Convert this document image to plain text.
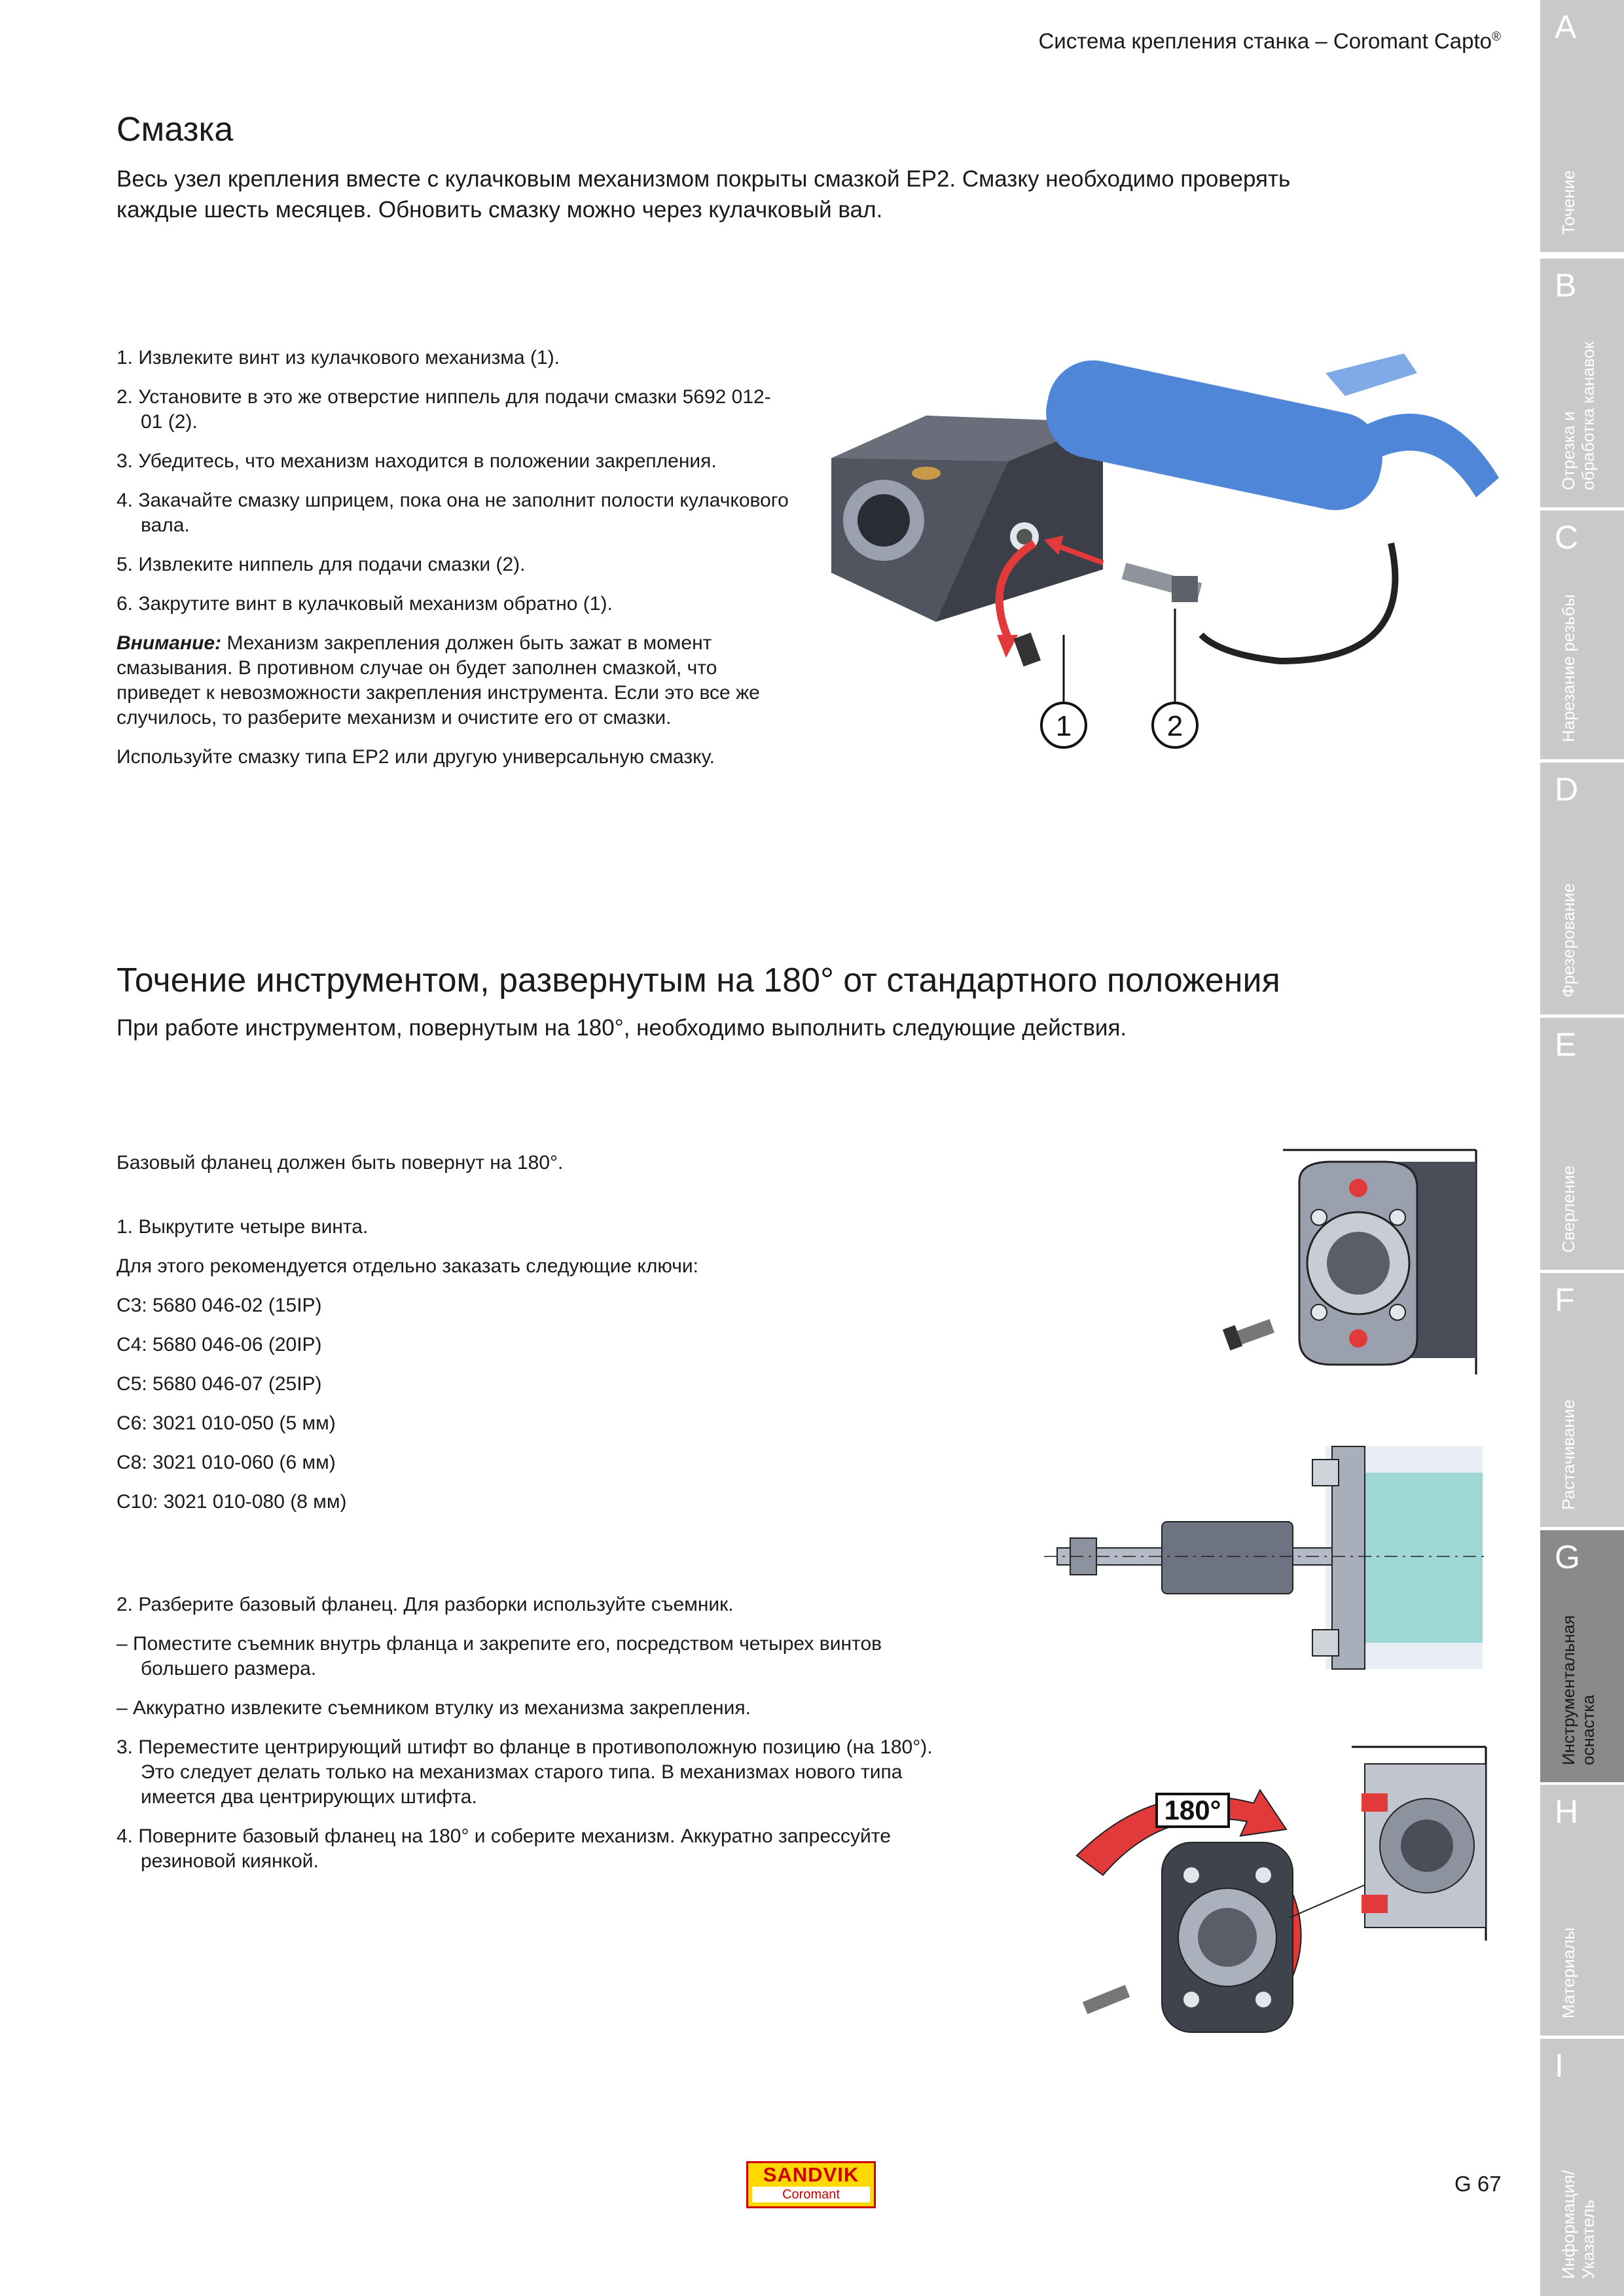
Система крепления станка – Coromant Capto®
Смазка
Весь узел крепления вместе с кулачковым механизмом покрыты смазкой EP2. Смазку необходимо проверять каждые шесть месяцев. Обновить смазку можно через кулачковый вал.

1. Извлеките винт из кулачкового механизма (1).

2. Установите в это же отверстие ниппель для подачи смазки 5692 012-01 (2).

3. Убедитесь, что механизм находится в положении закрепления.

4. Закачайте смазку шприцем, пока она не заполнит полости кулачкового вала.

5. Извлеките ниппель для подачи смазки (2).

6. Закрутите винт в кулачковый механизм обратно (1).

Внимание: Механизм закрепления должен быть зажат в момент смазывания. В противном случае он будет заполнен смазкой, что приведет к невозможности закрепления инструмента. Если это все же случилось, то разберите механизм и очистите его от смазки.

Используйте смазку типа EP2 или другую универсальную смазку.

1	2
Точение инструментом, развернутым на 180° от стандартного положения
При работе инструментом, повернутым на 180°, необходимо выполнить следующие действия.

Базовый фланец должен быть повернут на 180°.

1. Выкрутите четыре винта.

Для этого рекомендуется отдельно заказать следующие ключи:

C3: 5680 046-02 (15IP)

C4: 5680 046-06 (20IP)

C5: 5680 046-07 (25IP)

C6: 3021 010-050 (5 мм)

C8: 3021 010-060 (6 мм)

C10: 3021 010-080 (8 мм)

2. Разберите базовый фланец. Для разборки используйте съемник.

– Поместите съемник внутрь фланца и закрепите его, посредством четырех винтов большего размера.

– Аккуратно извлеките съемником втулку из механизма закрепления.

3. Переместите центрирующий штифт во фланце в противоположную позицию (на 180°). Это следует делать только на механизмах старого типа. В механизмах нового типа имеется два центрирующих штифта.

4. Поверните базовый фланец на 180° и соберите механизм. Аккуратно запрессуйте резиновой киянкой.

180°
A
Точение
B
Отрезка и
обработка канавок
C
Нарезание резьбы
D
Фрезерование
E
Сверление
F
Растачивание
G
Инструментальная
оснастка
H
Материалы
I
Информация/
Указатель
SANDVIK
Coromant	G 67
